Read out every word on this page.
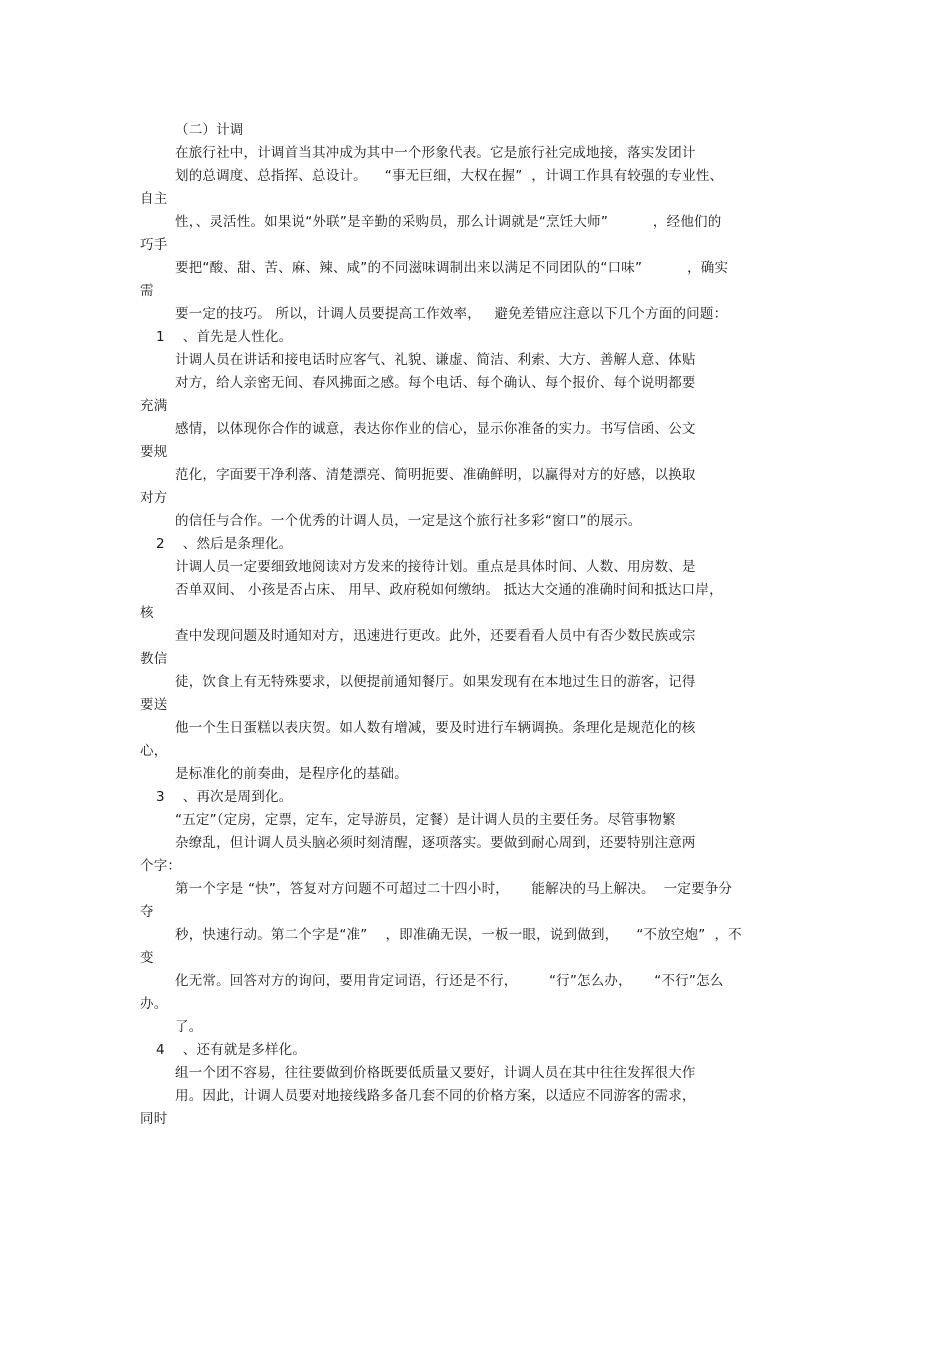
（二）计调
在旅行社中，计调首当其冲成为其中一个形象代表。它是旅行社完成地接，落实发团计
划的总调度、总指挥、总设计。    “事无巨细，大权在握”  ，计调工作具有较强的专业性、
自主
性，、灵活性。如果说“外联”是辛勤的采购员，那么计调就是“烹饪大师”          ，经他们的
巧手
要把“酸、甜、苦、麻、辣、咸”的不同滋味调制出来以满足不同团队的“口味”          ，确实
需
要一定的技巧。 所以，计调人员要提高工作效率，   避免差错应注意以下几个方面的问题：
1    、首先是人性化。
计调人员在讲话和接电话时应客气、礼貌、谦虚、简洁、利索、大方、善解人意、体贴
对方，给人亲密无间、春风拂面之感。每个电话、每个确认、每个报价、每个说明都要
充满
感情，以体现你合作的诚意，表达你作业的信心，显示你准备的实力。书写信函、公文
要规
范化，字面要干净利落、清楚漂亮、简明扼要、准确鲜明，以赢得对方的好感，以换取
对方
的信任与合作。一个优秀的计调人员，一定是这个旅行社多彩“窗口”的展示。
2    、然后是条理化。
计调人员一定要细致地阅读对方发来的接待计划。重点是具体时间、人数、用房数、是
否单双间、 小孩是否占床、 用早、政府税如何缴纳。 抵达大交通的准确时间和抵达口岸，
核
查中发现问题及时通知对方，迅速进行更改。此外，还要看看人员中有否少数民族或宗
教信
徒，饮食上有无特殊要求，以便提前通知餐厅。如果发现有在本地过生日的游客，记得
要送
他一个生日蛋糕以表庆贺。如人数有增减，要及时进行车辆调换。条理化是规范化的核
心，
是标准化的前奏曲，是程序化的基础。
3    、再次是周到化。
“五定”（定房，定票，定车，定导游员，定餐）是计调人员的主要任务。尽管事物繁
杂缭乱，但计调人员头脑必须时刻清醒，逐项落实。要做到耐心周到，还要特别注意两
个字：
第一个字是 “快”，答复对方问题不可超过二十四小时，     能解决的马上解决。  一定要争分
夺
秒，快速行动。第二个字是“准”    ，即准确无误，一板一眼，说到做到，    “不放空炮”  ，不
变
化无常。回答对方的询问，要用肯定词语，行还是不行，       “行”怎么办，     “不行”怎么
办。
了。
4    、还有就是多样化。
组一个团不容易，往往要做到价格既要低质量又要好，计调人员在其中往往发挥很大作
用。因此，计调人员要对地接线路多备几套不同的价格方案，以适应不同游客的需求，
同时
